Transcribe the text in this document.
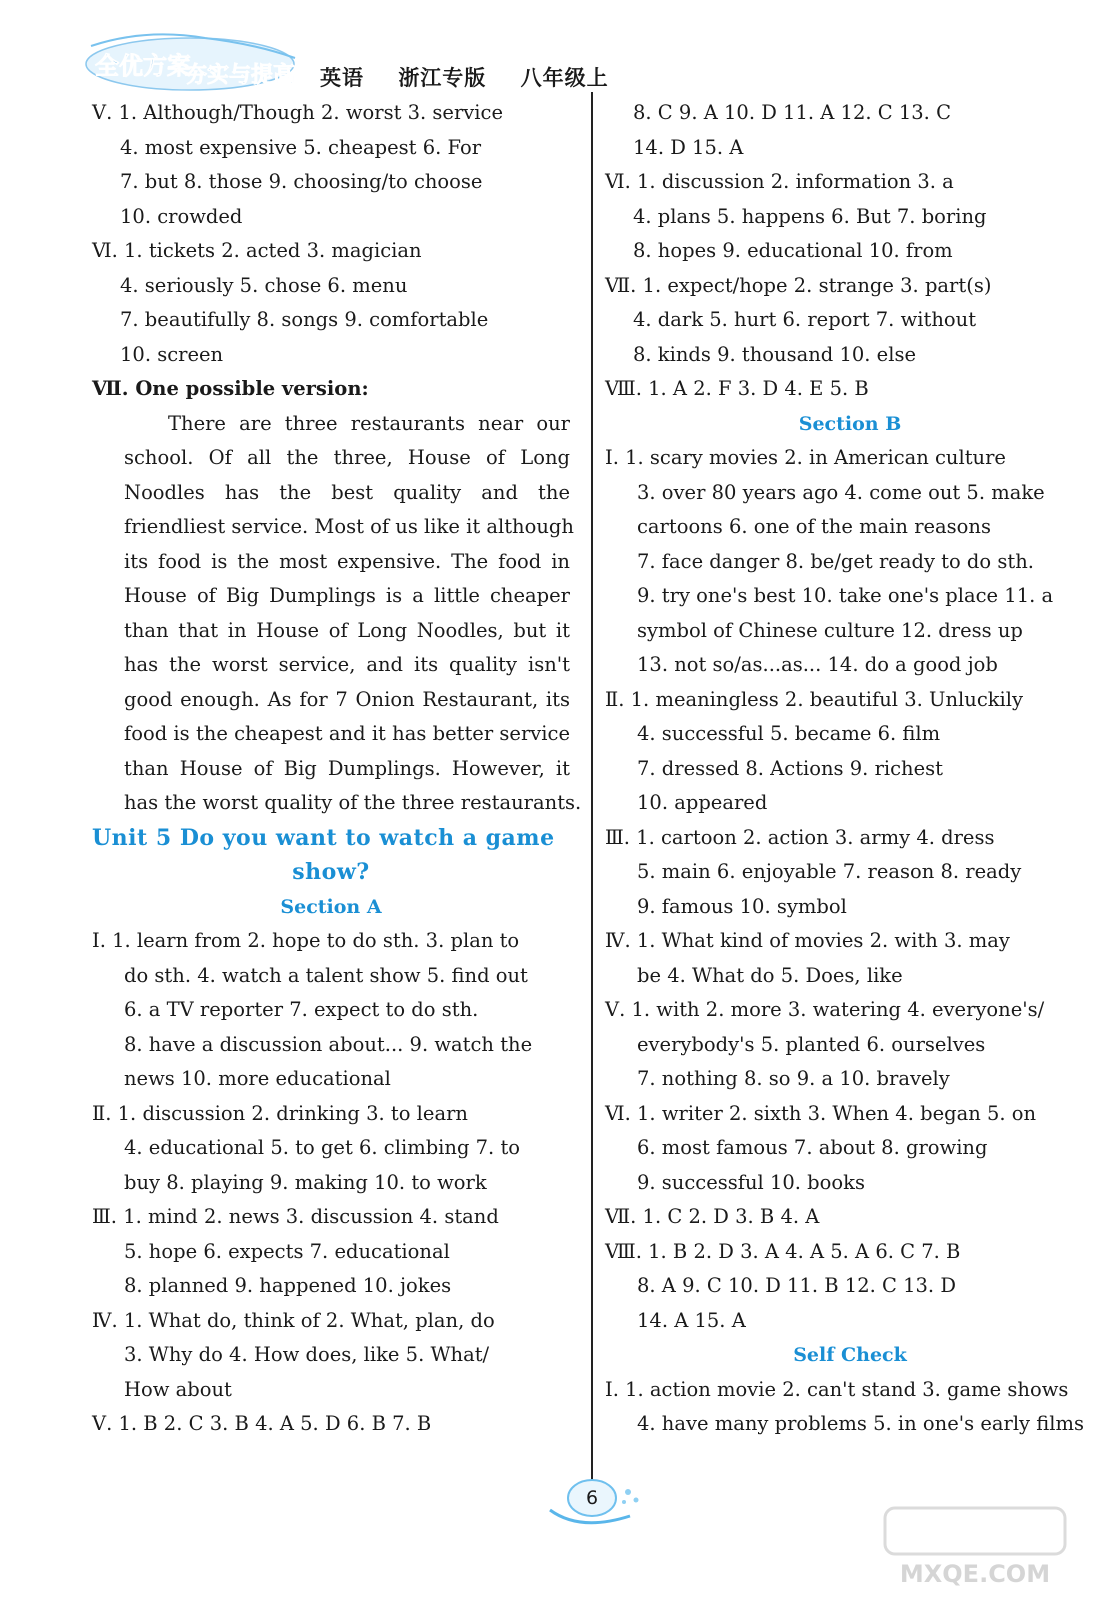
全优方案
夯实与提高 英语 浙江专版 八年级上
Ⅴ. 1. Although/Though 2. worst 3. service
4. most expensive 5. cheapest 6. For
7. but 8. those 9. choosing/to choose
10. crowded
Ⅵ. 1. tickets 2. acted 3. magician
4. seriously 5. chose 6. menu
7. beautifully 8. songs 9. comfortable
10. screen
Ⅶ. One possible version:
There are three restaurants near our
school. Of all the three, House of Long
Noodles has the best quality and the
friendliest service. Most of us like it although
its food is the most expensive. The food in
House of Big Dumplings is a little cheaper
than that in House of Long Noodles, but it
has the worst service, and its quality isn't
good enough. As for 7 Onion Restaurant, its
food is the cheapest and it has better service
than House of Big Dumplings. However, it
has the worst quality of the three restaurants.
Unit 5 Do you want to watch a game
show?
Section A
Ⅰ. 1. learn from 2. hope to do sth. 3. plan to
do sth. 4. watch a talent show 5. find out
6. a TV reporter 7. expect to do sth.
8. have a discussion about... 9. watch the
news 10. more educational
Ⅱ. 1. discussion 2. drinking 3. to learn
4. educational 5. to get 6. climbing 7. to
buy 8. playing 9. making 10. to work
Ⅲ. 1. mind 2. news 3. discussion 4. stand
5. hope 6. expects 7. educational
8. planned 9. happened 10. jokes
Ⅳ. 1. What do, think of 2. What, plan, do
3. Why do 4. How does, like 5. What/
How about
Ⅴ. 1. B 2. C 3. B 4. A 5. D 6. B 7. B
8. C 9. A 10. D 11. A 12. C 13. C
14. D 15. A
Ⅵ. 1. discussion 2. information 3. a
4. plans 5. happens 6. But 7. boring
8. hopes 9. educational 10. from
Ⅶ. 1. expect/hope 2. strange 3. part(s)
4. dark 5. hurt 6. report 7. without
8. kinds 9. thousand 10. else
Ⅷ. 1. A 2. F 3. D 4. E 5. B
Section B
Ⅰ. 1. scary movies 2. in American culture
3. over 80 years ago 4. come out 5. make
cartoons 6. one of the main reasons
7. face danger 8. be/get ready to do sth.
9. try one's best 10. take one's place 11. a
symbol of Chinese culture 12. dress up
13. not so/as...as... 14. do a good job
Ⅱ. 1. meaningless 2. beautiful 3. Unluckily
4. successful 5. became 6. film
7. dressed 8. Actions 9. richest
10. appeared
Ⅲ. 1. cartoon 2. action 3. army 4. dress
5. main 6. enjoyable 7. reason 8. ready
9. famous 10. symbol
Ⅳ. 1. What kind of movies 2. with 3. may
be 4. What do 5. Does, like
Ⅴ. 1. with 2. more 3. watering 4. everyone's/
everybody's 5. planted 6. ourselves
7. nothing 8. so 9. a 10. bravely
Ⅵ. 1. writer 2. sixth 3. When 4. began 5. on
6. most famous 7. about 8. growing
9. successful 10. books
Ⅶ. 1. C 2. D 3. B 4. A
Ⅷ. 1. B 2. D 3. A 4. A 5. A 6. C 7. B
8. A 9. C 10. D 11. B 12. C 13. D
14. A 15. A
Self Check
Ⅰ. 1. action movie 2. can't stand 3. game shows
4. have many problems 5. in one's early films
6
MXQE.COM
